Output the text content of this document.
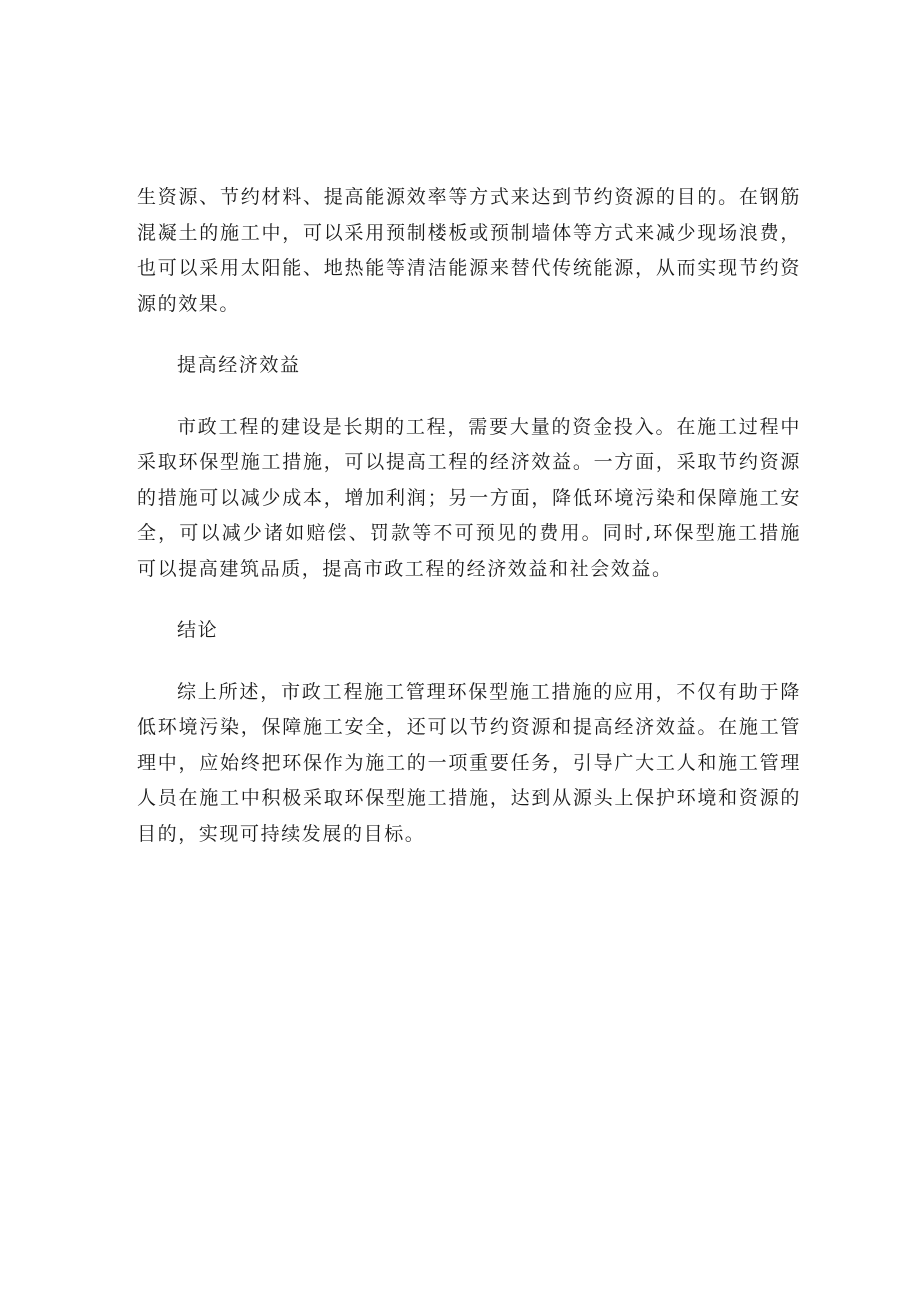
生资源、节约材料、提高能源效率等方式来达到节约资源的目的。在钢筋混凝土的施工中，可以采用预制楼板或预制墙体等方式来减少现场浪费，也可以采用太阳能、地热能等清洁能源来替代传统能源，从而实现节约资源的效果。

提高经济效益

市政工程的建设是长期的工程，需要大量的资金投入。在施工过程中采取环保型施工措施，可以提高工程的经济效益。一方面，采取节约资源的措施可以减少成本，增加利润；另一方面，降低环境污染和保障施工安全，可以减少诸如赔偿、罚款等不可预见的费用。同时,环保型施工措施可以提高建筑品质，提高市政工程的经济效益和社会效益。

结论

综上所述，市政工程施工管理环保型施工措施的应用，不仅有助于降低环境污染，保障施工安全，还可以节约资源和提高经济效益。在施工管理中，应始终把环保作为施工的一项重要任务，引导广大工人和施工管理人员在施工中积极采取环保型施工措施，达到从源头上保护环境和资源的目的，实现可持续发展的目标。
